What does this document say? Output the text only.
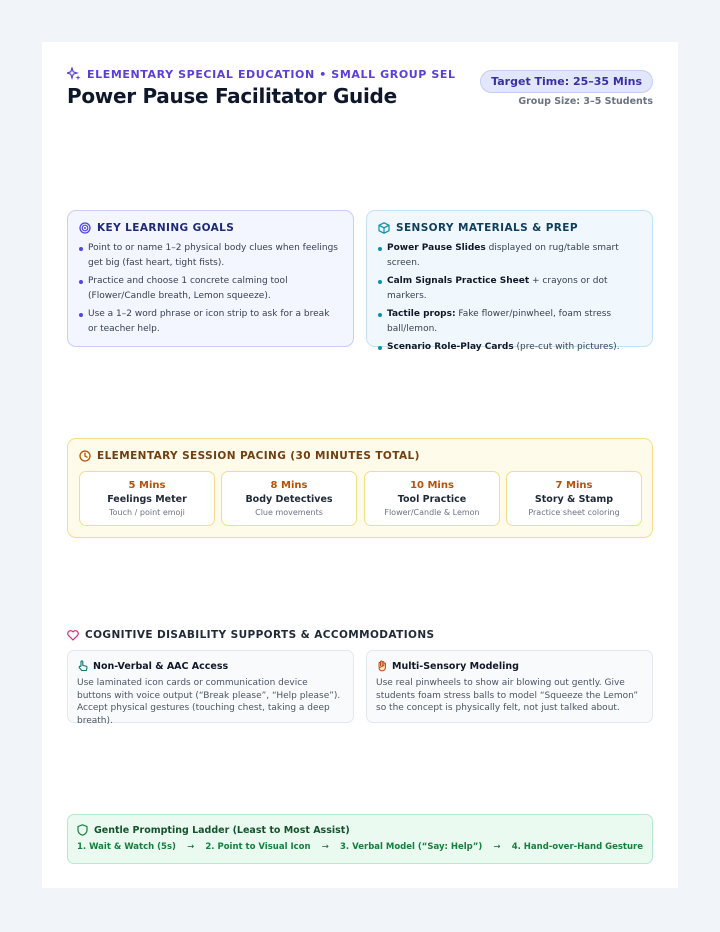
ELEMENTARY SPECIAL EDUCATION • SMALL GROUP SEL
Power Pause Facilitator Guide
Target Time: 25–35 Mins
Group Size: 3–5 Students
KEY LEARNING GOALS
Point to or name 1–2 physical body clues when feelings get big (fast heart, tight fists).
Practice and choose 1 concrete calming tool (Flower/Candle breath, Lemon squeeze).
Use a 1–2 word phrase or icon strip to ask for a break or teacher help.
SENSORY MATERIALS & PREP
Power Pause Slides displayed on rug/table smart screen.
Calm Signals Practice Sheet + crayons or dot markers.
Tactile props: Fake flower/pinwheel, foam stress ball/lemon.
Scenario Role-Play Cards (pre-cut with pictures).
ELEMENTARY SESSION PACING (30 MINUTES TOTAL)
5 Mins
Feelings Meter
Touch / point emoji
8 Mins
Body Detectives
Clue movements
10 Mins
Tool Practice
Flower/Candle & Lemon
7 Mins
Story & Stamp
Practice sheet coloring
COGNITIVE DISABILITY SUPPORTS & ACCOMMODATIONS
Non-Verbal & AAC Access
Use laminated icon cards or communication device buttons with voice output (“Break please”, “Help please”). Accept physical gestures (touching chest, taking a deep breath).
Multi-Sensory Modeling
Use real pinwheels to show air blowing out gently. Give students foam stress balls to model “Squeeze the Lemon” so the concept is physically felt, not just talked about.
Gentle Prompting Ladder (Least to Most Assist)
1. Wait & Watch (5s) → 2. Point to Visual Icon → 3. Verbal Model (“Say: Help”) → 4. Hand-over-Hand Gesture
